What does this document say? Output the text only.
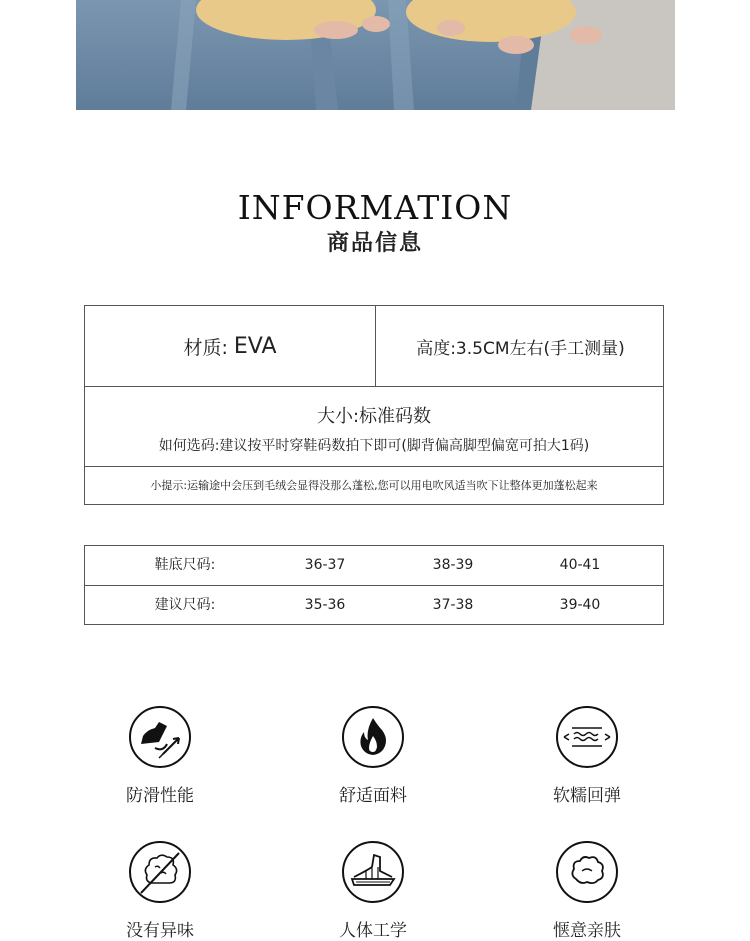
INFORMATION
商品信息
材质: EVA	高度:3.5CM左右(手工测量)
大小:标准码数
如何选码:建议按平时穿鞋码数拍下即可(脚背偏高脚型偏宽可拍大1码)
小提示:运输途中会压到毛绒会显得没那么蓬松,您可以用电吹风适当吹下让整体更加蓬松起来
鞋底尺码:	36-37	38-39	40-41
建议尺码:	35-36	37-38	39-40
防滑性能	舒适面料	软糯回弹
没有异味	人体工学	惬意亲肤
